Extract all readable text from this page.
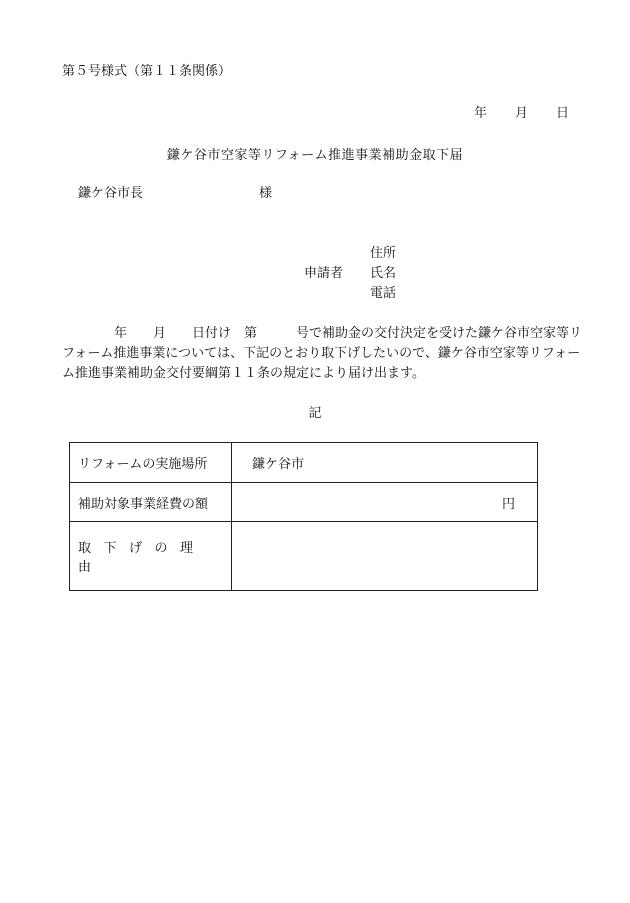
第５号様式（第１１条関係）
年 月 日
鎌ケ谷市空家等リフォーム推進事業補助金取下届
鎌ケ谷市長	様
住所
申請者 氏名
電話
　　　　年　　月　　日付け　第　　　号で補助金の交付決定を受けた鎌ケ谷市空家等リフォーム推進事業については、下記のとおり取下げしたいので、鎌ケ谷市空家等リフォーム推進事業補助金交付要綱第１１条の規定により届け出ます。
記
リフォームの実施場所	鎌ケ谷市
補助対象事業経費の額	円

取下げの理由	
